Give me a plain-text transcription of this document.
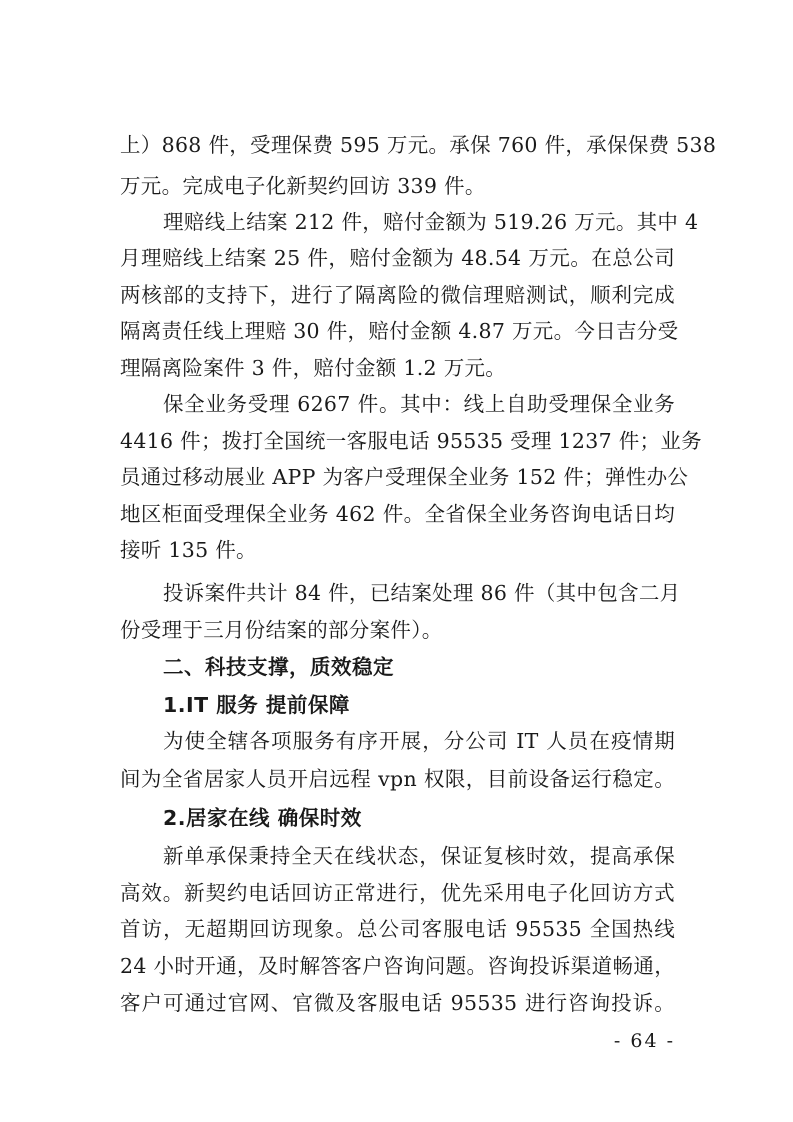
上）868 件，受理保费 595 万元。承保 760 件，承保保费 538
万元。完成电子化新契约回访 339 件。
理赔线上结案 212 件，赔付金额为 519.26 万元。其中 4
月理赔线上结案 25 件，赔付金额为 48.54 万元。在总公司
两核部的支持下，进行了隔离险的微信理赔测试，顺利完成
隔离责任线上理赔 30 件，赔付金额 4.87 万元。今日吉分受
理隔离险案件 3 件，赔付金额 1.2 万元。
保全业务受理 6267 件。其中：线上自助受理保全业务
4416 件；拨打全国统一客服电话 95535 受理 1237 件；业务
员通过移动展业 APP 为客户受理保全业务 152 件；弹性办公
地区柜面受理保全业务 462 件。全省保全业务咨询电话日均
接听 135 件。
投诉案件共计 84 件，已结案处理 86 件（其中包含二月
份受理于三月份结案的部分案件）。
二、科技支撑，质效稳定
1.IT 服务 提前保障
为使全辖各项服务有序开展，分公司 IT 人员在疫情期
间为全省居家人员开启远程 vpn 权限，目前设备运行稳定。
2.居家在线 确保时效
新单承保秉持全天在线状态，保证复核时效，提高承保
高效。新契约电话回访正常进行，优先采用电子化回访方式
首访，无超期回访现象。总公司客服电话 95535 全国热线
24 小时开通，及时解答客户咨询问题。咨询投诉渠道畅通，
客户可通过官网、官微及客服电话 95535 进行咨询投诉。
- 64 -
